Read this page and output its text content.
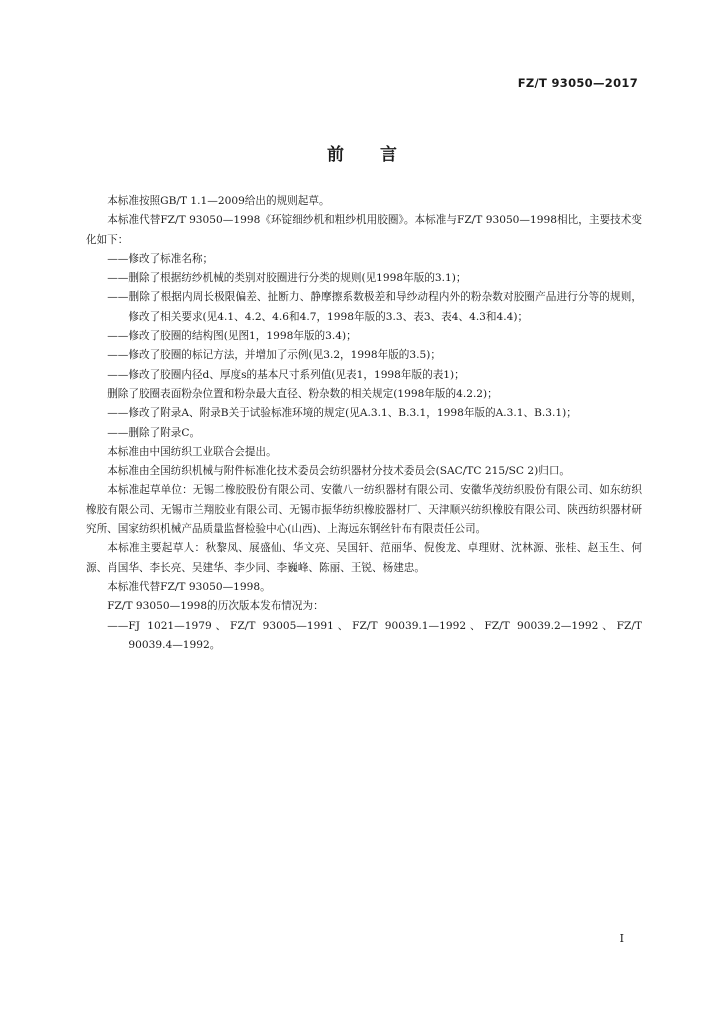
FZ/T 93050—2017
前言

本标准按照GB/T 1.1—2009给出的规则起草。

本标准代替FZ/T 93050—1998《环锭细纱机和粗纱机用胶圈》。本标准与FZ/T 93050—1998相比，主要技术变化如下：

——修改了标准名称；

——删除了根据纺纱机械的类别对胶圈进行分类的规则(见1998年版的3.1)；

——删除了根据内周长极限偏差、扯断力、静摩擦系数极差和导纱动程内外的粉杂数对胶圈产品进行分等的规则，修改了相关要求(见4.1、4.2、4.6和4.7，1998年版的3.3、表3、表4、4.3和4.4)；

——修改了胶圈的结构图(见图1，1998年版的3.4)；

——修改了胶圈的标记方法，并增加了示例(见3.2，1998年版的3.5)；

——修改了胶圈内径d、厚度s的基本尺寸系列值(见表1，1998年版的表1)；

删除了胶圈表面粉杂位置和粉杂最大直径、粉杂数的相关规定(1998年版的4.2.2)；

——修改了附录A、附录B关于试验标准环境的规定(见A.3.1、B.3.1，1998年版的A.3.1、B.3.1)；

——删除了附录C。

本标准由中国纺织工业联合会提出。

本标准由全国纺织机械与附件标准化技术委员会纺织器材分技术委员会(SAC/TC 215/SC 2)归口。

本标准起草单位：无锡二橡胶股份有限公司、安徽八一纺织器材有限公司、安徽华茂纺织股份有限公司、如东纺织橡胶有限公司、无锡市兰翔胶业有限公司、无锡市振华纺织橡胶器材厂、天津顺兴纺织橡胶有限公司、陕西纺织器材研究所、国家纺织机械产品质量监督检验中心(山西)、上海远东钢丝针布有限责任公司。

本标准主要起草人：秋黎凤、展盛仙、华文亮、吴国轩、范丽华、倪俊龙、卓理财、沈林源、张桂、赵玉生、何源、肖国华、李长亮、吴建华、李少同、李巍峰、陈丽、王锐、杨建忠。

本标准代替FZ/T 93050—1998。

FZ/T 93050—1998的历次版本发布情况为：

——FJ 1021—1979、FZ/T 93005—1991、FZ/T 90039.1—1992、FZ/T 90039.2—1992、FZ/T 90039.4—1992。

I
